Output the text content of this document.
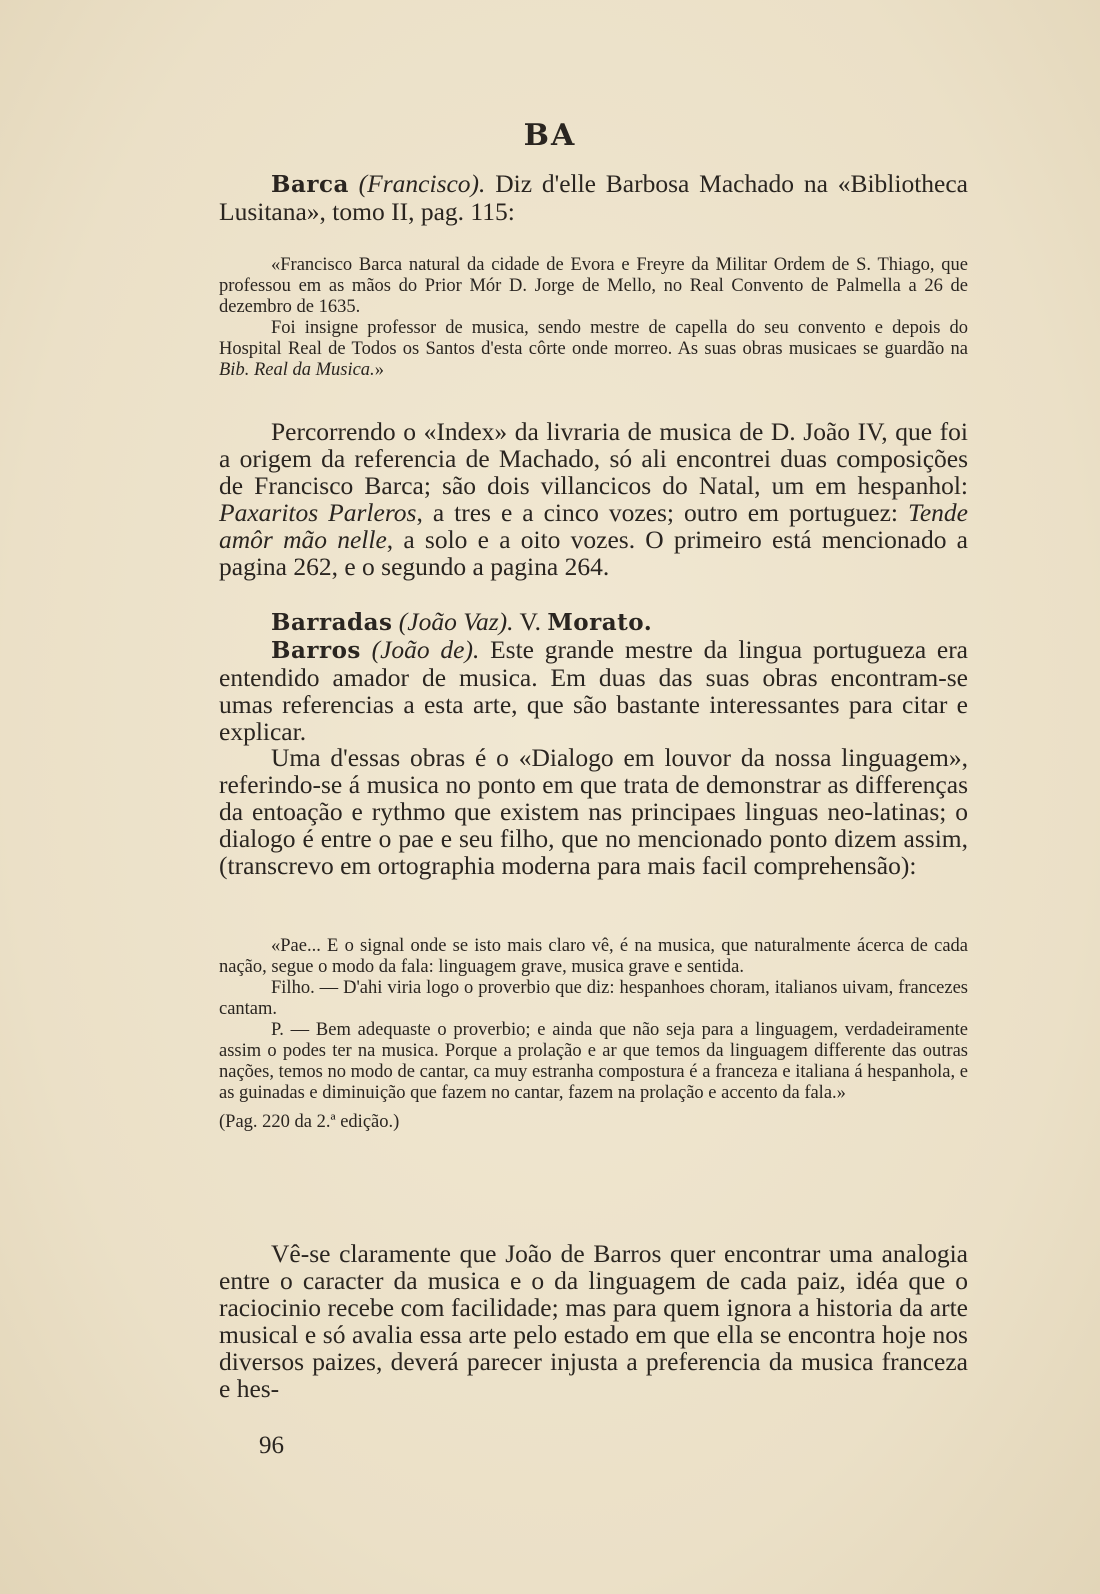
BA

Barca (Francisco). Diz d'elle Barbosa Machado na «Bibliotheca Lusitana», tomo II, pag. 115:

«Francisco Barca natural da cidade de Evora e Freyre da Militar Ordem de S. Thiago, que professou em as mãos do Prior Mór D. Jorge de Mello, no Real Convento de Palmella a 26 de dezembro de 1635.

Foi insigne professor de musica, sendo mestre de capella do seu convento e depois do Hospital Real de Todos os Santos d'esta côrte onde morreo. As suas obras musicaes se guardão na Bib. Real da Musica.»

Percorrendo o «Index» da livraria de musica de D. João IV, que foi a origem da referencia de Machado, só ali encontrei duas composições de Francisco Barca; são dois villancicos do Natal, um em hespanhol: Paxaritos Parleros, a tres e a cinco vozes; outro em portuguez: Tende amôr mão nelle, a solo e a oito vozes. O primeiro está mencionado a pagina 262, e o segundo a pagina 264.

Barradas (João Vaz). V. Morato.

Barros (João de). Este grande mestre da lingua portugueza era entendido amador de musica. Em duas das suas obras encontram-se umas referencias a esta arte, que são bastante interessantes para citar e explicar.

Uma d'essas obras é o «Dialogo em louvor da nossa linguagem», referindo-se á musica no ponto em que trata de demonstrar as differenças da entoação e rythmo que existem nas principaes linguas neo-latinas; o dialogo é entre o pae e seu filho, que no mencionado ponto dizem assim, (transcrevo em ortographia moderna para mais facil comprehensão):

«Pae... E o signal onde se isto mais claro vê, é na musica, que naturalmente ácerca de cada nação, segue o modo da fala: linguagem grave, musica grave e sentida.

Filho. — D'ahi viria logo o proverbio que diz: hespanhoes choram, italianos uivam, francezes cantam.

P. — Bem adequaste o proverbio; e ainda que não seja para a linguagem, verdadeiramente assim o podes ter na musica. Porque a prolação e ar que temos da linguagem differente das outras nações, temos no modo de cantar, ca muy estranha compostura é a franceza e italiana á hespanhola, e as guinadas e diminuição que fazem no cantar, fazem na prolação e accento da fala.»

(Pag. 220 da 2.ª edição.)

Vê-se claramente que João de Barros quer encontrar uma analogia entre o caracter da musica e o da linguagem de cada paiz, idéa que o raciocinio recebe com facilidade; mas para quem ignora a historia da arte musical e só avalia essa arte pelo estado em que ella se encontra hoje nos diversos paizes, deverá parecer injusta a preferencia da musica franceza e hes-

96
